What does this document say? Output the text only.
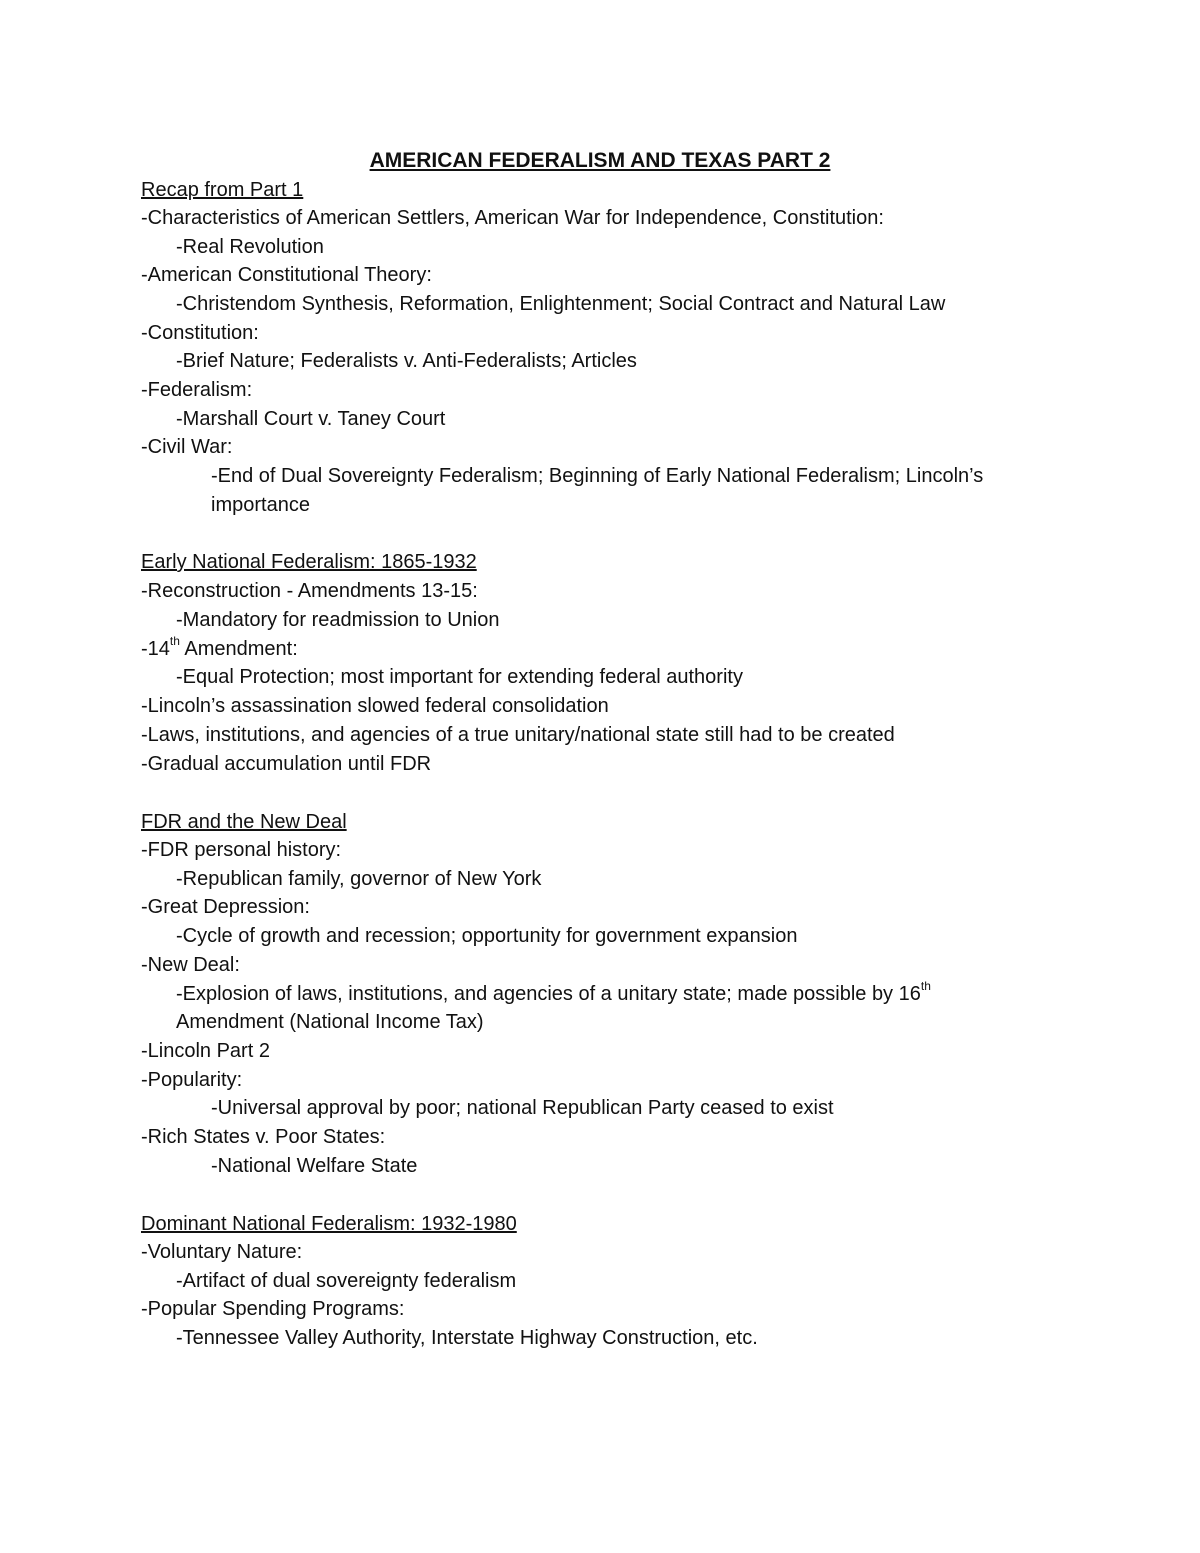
AMERICAN FEDERALISM AND TEXAS PART 2
Recap from Part 1
-Characteristics of American Settlers, American War for Independence, Constitution:
-Real Revolution
-American Constitutional Theory:
-Christendom Synthesis, Reformation, Enlightenment; Social Contract and Natural Law
-Constitution:
-Brief Nature; Federalists v. Anti-Federalists; Articles
-Federalism:
-Marshall Court v. Taney Court
-Civil War:
-End of Dual Sovereignty Federalism; Beginning of Early National Federalism; Lincoln’s
importance
Early National Federalism: 1865-1932
-Reconstruction - Amendments 13-15:
-Mandatory for readmission to Union
-14th Amendment:
-Equal Protection; most important for extending federal authority
-Lincoln’s assassination slowed federal consolidation
-Laws, institutions, and agencies of a true unitary/national state still had to be created
-Gradual accumulation until FDR
FDR and the New Deal
-FDR personal history:
-Republican family, governor of New York
-Great Depression:
-Cycle of growth and recession; opportunity for government expansion
-New Deal:
-Explosion of laws, institutions, and agencies of a unitary state; made possible by 16th
Amendment (National Income Tax)
-Lincoln Part 2
-Popularity:
-Universal approval by poor; national Republican Party ceased to exist
-Rich States v. Poor States:
-National Welfare State
Dominant National Federalism: 1932-1980
-Voluntary Nature:
-Artifact of dual sovereignty federalism
-Popular Spending Programs:
-Tennessee Valley Authority, Interstate Highway Construction, etc.
